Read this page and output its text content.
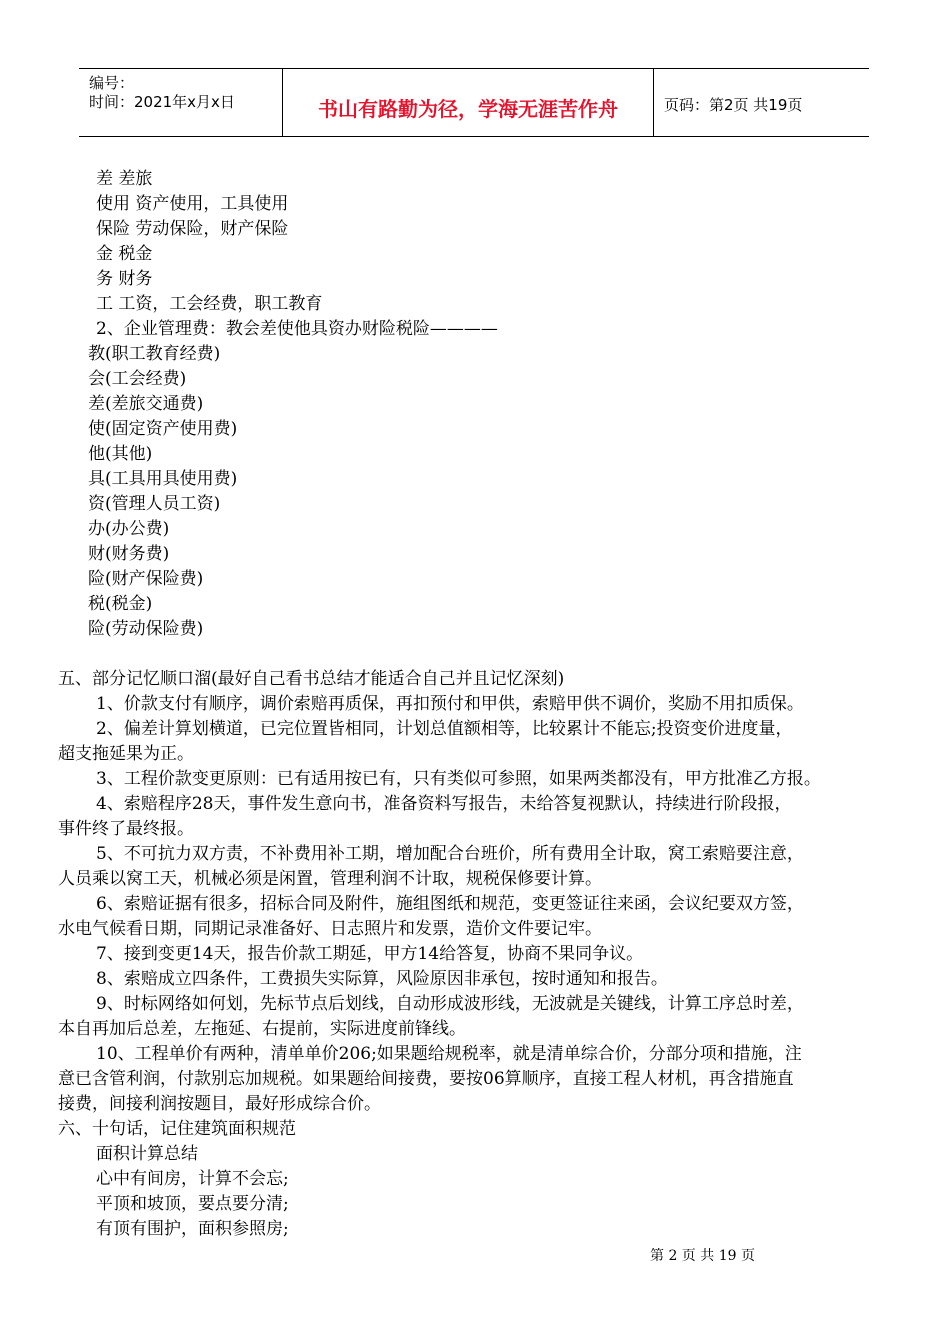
编号：
时间：2021年x月x日	书山有路勤为径，学海无涯苦作舟	页码：第2页 共19页
差 差旅
使用 资产使用，工具使用
保险 劳动保险，财产保险
金 税金
务 财务
工 工资，工会经费，职工教育
2、企业管理费：教会差使他具资办财险税险————
教(职工教育经费)
会(工会经费)
差(差旅交通费)
使(固定资产使用费)
他(其他)
具(工具用具使用费)
资(管理人员工资)
办(办公费)
财(财务费)
险(财产保险费)
税(税金)
险(劳动保险费)
五、部分记忆顺口溜(最好自己看书总结才能适合自己并且记忆深刻)
1、价款支付有顺序，调价索赔再质保，再扣预付和甲供，索赔甲供不调价，奖励不用扣质保。
2、偏差计算划横道，已完位置皆相同，计划总值额相等，比较累计不能忘;投资变价进度量，
超支拖延果为正。
3、工程价款变更原则：已有适用按已有，只有类似可参照，如果两类都没有，甲方批准乙方报。
4、索赔程序28天，事件发生意向书，准备资料写报告，未给答复视默认，持续进行阶段报，
事件终了最终报。
5、不可抗力双方责，不补费用补工期，增加配合台班价，所有费用全计取，窝工索赔要注意，
人员乘以窝工天，机械必须是闲置，管理利润不计取，规税保修要计算。
6、索赔证据有很多，招标合同及附件，施组图纸和规范，变更签证往来函，会议纪要双方签，
水电气候看日期，同期记录准备好、日志照片和发票，造价文件要记牢。
7、接到变更14天，报告价款工期延，甲方14给答复，协商不果同争议。
8、索赔成立四条件，工费损失实际算，风险原因非承包，按时通知和报告。
9、时标网络如何划，先标节点后划线，自动形成波形线，无波就是关键线，计算工序总时差，
本自再加后总差，左拖延、右提前，实际进度前锋线。
10、工程单价有两种，清单单价206;如果题给规税率，就是清单综合价，分部分项和措施，注
意已含管利润，付款别忘加规税。如果题给间接费，要按06算顺序，直接工程人材机，再含措施直
接费，间接利润按题目，最好形成综合价。
六、十句话，记住建筑面积规范
面积计算总结
心中有间房，计算不会忘;
平顶和坡顶，要点要分清;
有顶有围护，面积参照房;
第 2 页 共 19 页
